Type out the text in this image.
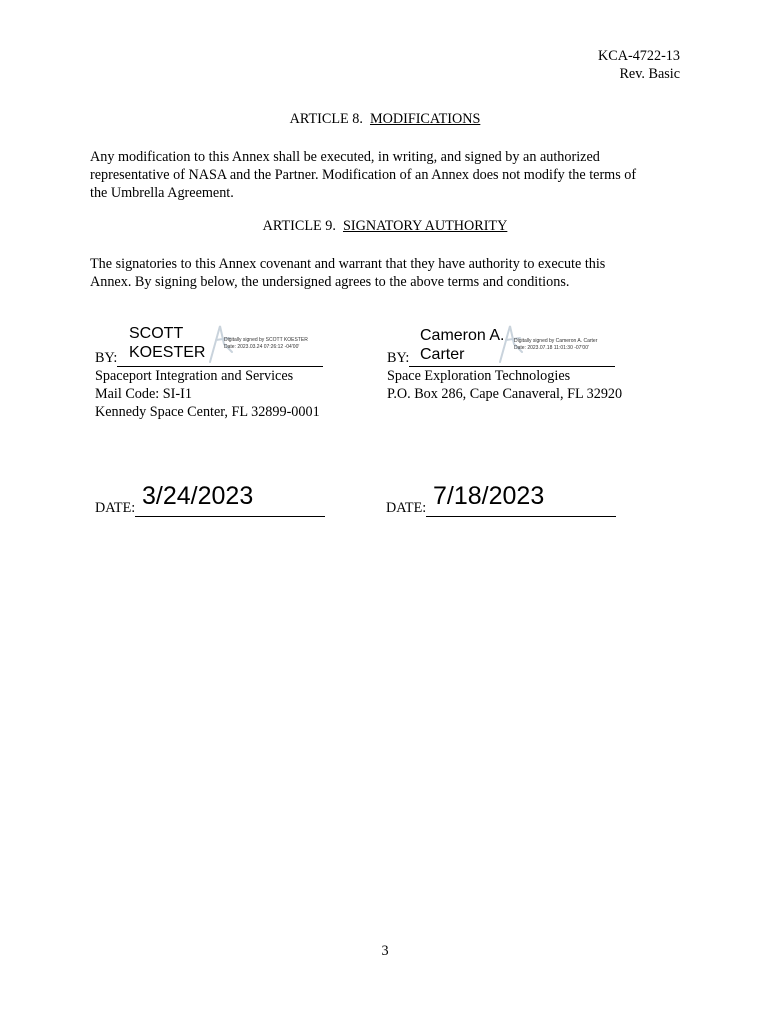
KCA-4722-13
Rev. Basic
ARTICLE 8. MODIFICATIONS
Any modification to this Annex shall be executed, in writing, and signed by an authorized
representative of NASA and the Partner. Modification of an Annex does not modify the terms of
the Umbrella Agreement.
ARTICLE 9. SIGNATORY AUTHORITY
The signatories to this Annex covenant and warrant that they have authority to execute this
Annex. By signing below, the undersigned agrees to the above terms and conditions.
SCOTT
KOESTER
Digitally signed by SCOTT KOESTER
Date: 2023.03.24 07:26:12 -04'00'
BY:
Spaceport Integration and Services
Mail Code: SI-I1
Kennedy Space Center, FL 32899-0001
Cameron A.
Carter
Digitally signed by Cameron A. Carter
Date: 2023.07.18 11:01:30 -07'00'
BY:
Space Exploration Technologies
P.O. Box 286, Cape Canaveral, FL 32920
3/24/2023
DATE:	7/18/2023
DATE:
3
